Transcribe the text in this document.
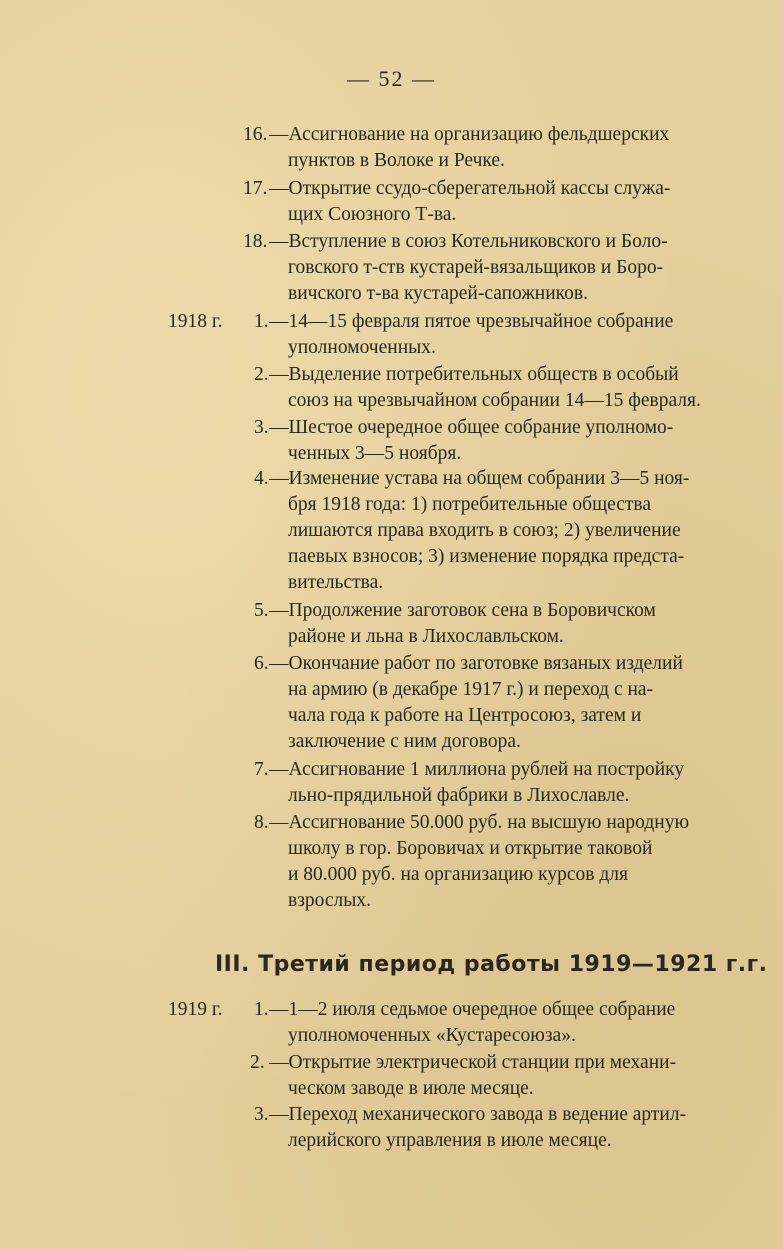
— 52 —
16. —Ассигнование на организацию фельдшерских
пунктов в Волоке и Речке.
17. —Открытие ссудо-сберегательной кассы служа-
щих Союзного Т-ва.
18. —Вступление в союз Котельниковского и Боло-
говского т-ств кустарей-вязальщиков и Боро-
вичского т-ва кустарей-сапожников.
1918 г. 1. —14—15 февраля пятое чрезвычайное собрание
уполномоченных.
2. —Выделение потребительных обществ в особый
союз на чрезвычайном собрании 14—15 февраля.
3. —Шестое очередное общее собрание уполномо-
ченных 3—5 ноября.
4. —Изменение устава на общем собрании 3—5 ноя-
бря 1918 года: 1) потребительные общества
лишаются права входить в союз; 2) увеличение
паевых взносов; 3) изменение порядка предста-
вительства.
5. —Продолжение заготовок сена в Боровичском
районе и льна в Лихославльском.
6. —Окончание работ по заготовке вязаных изделий
на армию (в декабре 1917 г.) и переход с на-
чала года к работе на Центросоюз, затем и
заключение с ним договора.
7. —Ассигнование 1 миллиона рублей на постройку
льно-прядильной фабрики в Лихославле.
8. —Ассигнование 50.000 руб. на высшую народную
школу в гор. Боровичах и открытие таковой
и 80.000 руб. на организацию курсов для
взрослых.
III. Третий период работы 1919—1921 г.г.
1919 г. 1. —1—2 июля седьмое очередное общее собрание
уполномоченных «Кустаресоюза».
2. —Открытие электрической станции при механи-
ческом заводе в июле месяце.
3. —Переход механического завода в ведение артил-
лерийского управления в июле месяце.
